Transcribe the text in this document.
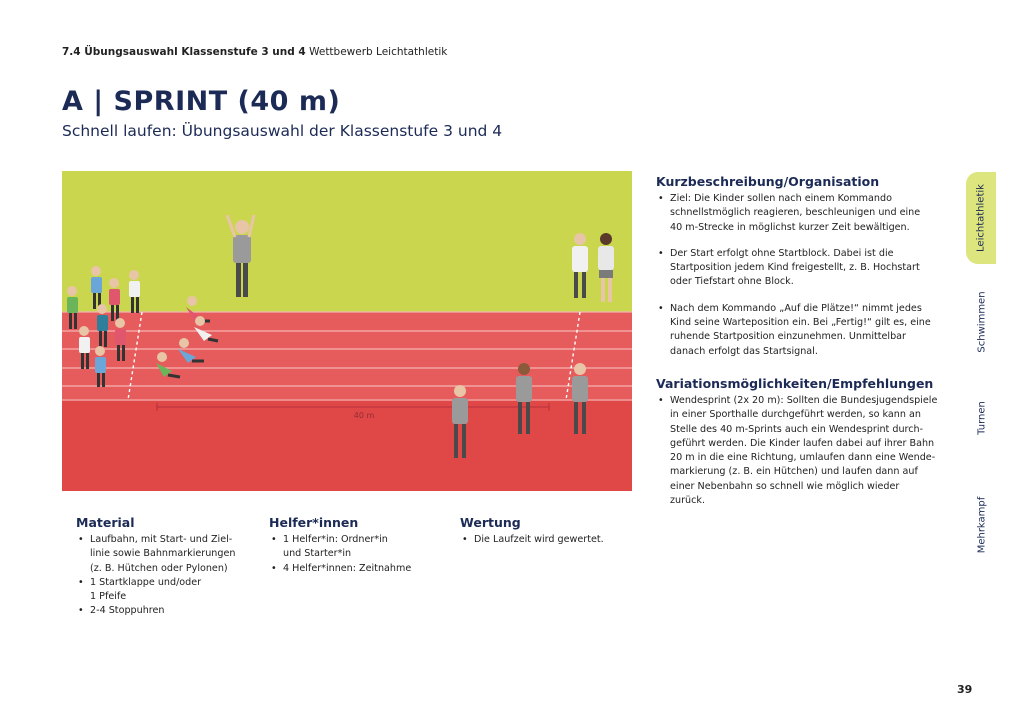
7.4 Übungsauswahl Klassenstufe 3 und 4 Wettbewerb Leichtathletik
A | SPRINT (40 m)

Schnell laufen: Übungsauswahl der Klassenstufe 3 und 4

40 m
Material
• Laufbahn, mit Start- und Ziel-
linie sowie Bahnmarkierungen
(z. B. Hütchen oder Pylonen)
• 1 Startklappe und/oder
1 Pfeife
• 2-4 Stoppuhren
Helfer*innen
• 1 Helfer*in: Ordner*in
und Starter*in
• 4 Helfer*innen: Zeitnahme
Wertung
• Die Laufzeit wird gewertet.
Kurzbeschreibung/Organisation
• Ziel: Die Kinder sollen nach einem Kommando
schnellstmöglich reagieren, beschleunigen und eine
40 m-Strecke in möglichst kurzer Zeit bewältigen.
• Der Start erfolgt ohne Startblock. Dabei ist die
Startposition jedem Kind freigestellt, z. B. Hochstart
oder Tiefstart ohne Block.
• Nach dem Kommando „Auf die Plätze!“ nimmt jedes
Kind seine Warteposition ein. Bei „Fertig!“ gilt es, eine
ruhende Startposition einzunehmen. Unmittelbar
danach erfolgt das Startsignal.
Variationsmöglichkeiten/Empfehlungen
• Wendesprint (2x 20 m): Sollten die Bundesjugendspiele
in einer Sporthalle durchgeführt werden, so kann an
Stelle des 40 m-Sprints auch ein Wendesprint durch-
geführt werden. Die Kinder laufen dabei auf ihrer Bahn
20 m in die eine Richtung, umlaufen dann eine Wende-
markierung (z. B. ein Hütchen) und laufen dann auf
einer Nebenbahn so schnell wie möglich wieder
zurück.
Leichtathletik
Schwimmen
Turnen
Mehrkampf
39
